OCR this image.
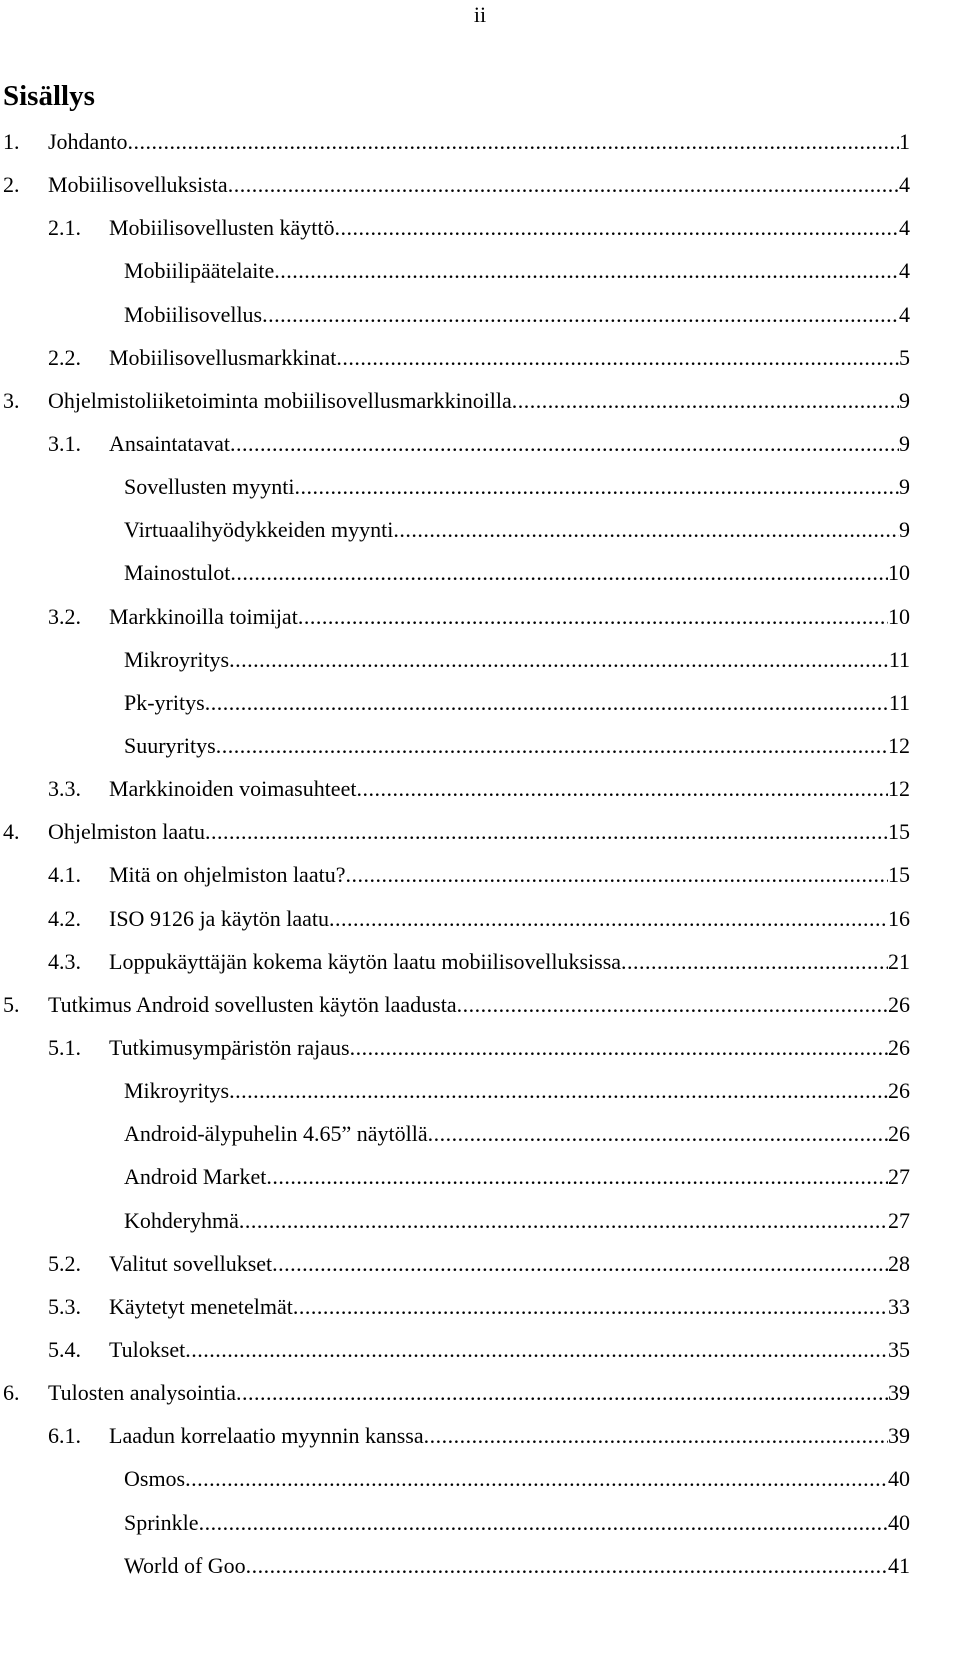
ii
Sisällys
1. Johdanto .....	1
2. Mobiilisovelluksista .....	4
2.1. Mobiilisovellusten käyttö .....	4
Mobiilipäätelaite .....	4
Mobiilisovellus .....	4
2.2. Mobiilisovellusmarkkinat .....	5
3. Ohjelmistoliiketoiminta mobiilisovellusmarkkinoilla .....	9
3.1. Ansaintatavat .....	9
Sovellusten myynti .....	9
Virtuaalihyödykkeiden myynti .....	9
Mainostulot .....	10
3.2. Markkinoilla toimijat .....	10
Mikroyritys .....	11
Pk-yritys .....	11
Suuryritys .....	12
3.3. Markkinoiden voimasuhteet .....	12
4. Ohjelmiston laatu .....	15
4.1. Mitä on ohjelmiston laatu? .....	15
4.2. ISO 9126 ja käytön laatu .....	16
4.3. Loppukäyttäjän kokema käytön laatu mobiilisovelluksissa .....	21
5. Tutkimus Android sovellusten käytön laadusta .....	26
5.1. Tutkimusympäristön rajaus .....	26
Mikroyritys .....	26
Android-älypuhelin 4.65” näytöllä .....	26
Android Market .....	27
Kohderyhmä .....	27
5.2. Valitut sovellukset .....	28
5.3. Käytetyt menetelmät .....	33
5.4. Tulokset .....	35
6. Tulosten analysointia .....	39
6.1. Laadun korrelaatio myynnin kanssa .....	39
Osmos .....	40
Sprinkle .....	40
World of Goo .....	41
